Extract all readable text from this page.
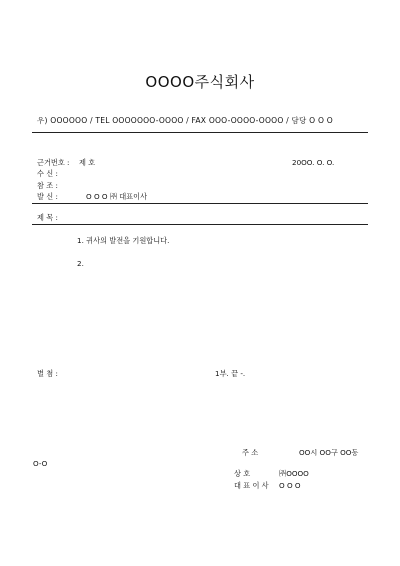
OOOO주식회사
우) OOOOOO / TEL OOOOOOO-OOOO / FAX OOO-OOOO-OOOO / 담당 O O O
근거번호 : 제 호	20OO. O. O.
수 신 :
참 조 :
발 신 :	O O O ㈜ 대표이사
제 목 :
1. 귀사의 발전을 기원합니다.
2.
별 첨 :	1부. 끝 -.
주 소	OO시 OO구 OO동
O-O
상 호	㈜OOOO
대 표 이 사 O O O
